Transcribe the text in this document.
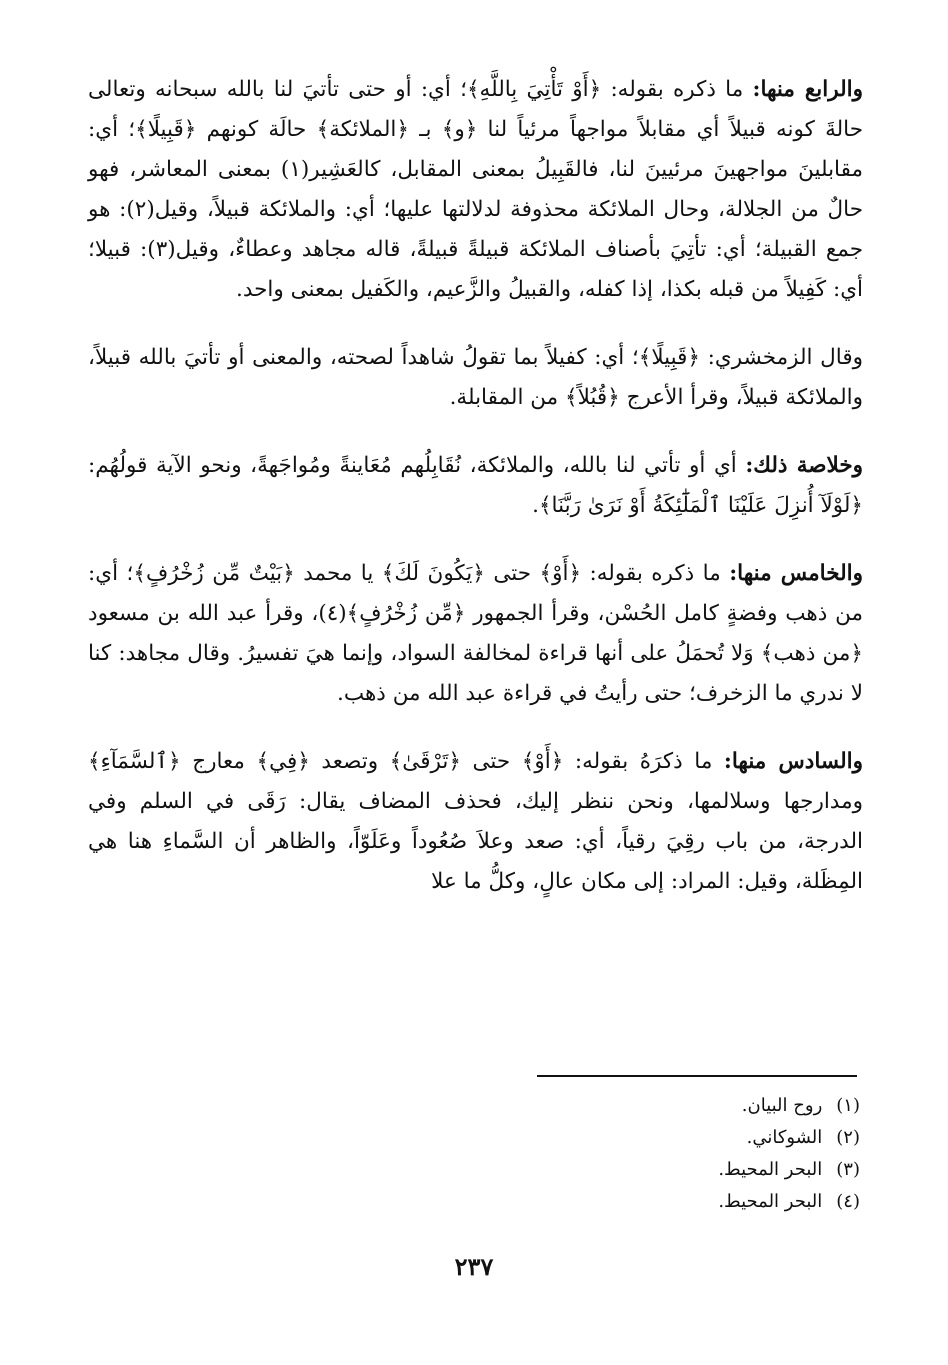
والرابع منها: ما ذكره بقوله: ﴿أَوْ تَأْتِيَ بِاللَّهِ﴾؛ أي: أو حتى تأتيَ لنا بالله سبحانه وتعالى حالةَ كونه قبيلاً أي مقابلاً مواجهاً مرئياً لنا ﴿و﴾ بـ ﴿الملائكة﴾ حالَة كونهم ﴿قَبِيلًا﴾؛ أي: مقابلينَ مواجهينَ مرئيينَ لنا، فالقَبِيلُ بمعنى المقابل، كالعَشِير(١) بمعنى المعاشر، فهو حالٌ من الجلالة، وحال الملائكة محذوفة لدلالتها عليها؛ أي: والملائكة قبيلاً، وقيل(٢): هو جمع القبيلة؛ أي: تأتِيَ بأصناف الملائكة قبيلةً قبيلةً، قاله مجاهد وعطاءٌ، وقيل(٣): قبيلا؛ أي: كَفِيلاً من قبله بكذا، إذا كفله، والقبيلُ والزَّعيم، والكَفيل بمعنى واحد.

وقال الزمخشري: ﴿قَبِيلًا﴾؛ أي: كفيلاً بما تقولُ شاهداً لصحته، والمعنى أو تأتيَ بالله قبيلاً، والملائكة قبيلاً، وقرأ الأعرج ﴿قُبُلاً﴾ من المقابلة.

وخلاصة ذلك: أي أو تأتي لنا بالله، والملائكة، نُقَابِلُهم مُعَاينةً ومُواجَهةً، ونحو الآية قولُهُم: ﴿لَوْلَآ أُنزِلَ عَلَيْنَا ٱلْمَلَٰٓئِكَةُ أَوْ نَرَىٰ رَبَّنَا﴾.

والخامس منها: ما ذكره بقوله: ﴿أَوْ﴾ حتى ﴿يَكُونَ لَكَ﴾ يا محمد ﴿بَيْتٌ مِّن زُخْرُفٍ﴾؛ أي: من ذهب وفضةٍ كامل الحُسْن، وقرأ الجمهور ﴿مِّن زُخْرُفٍ﴾(٤)، وقرأ عبد الله بن مسعود ﴿من ذهب﴾ وَلا تُحمَلُ على أنها قراءة لمخالفة السواد، وإنما هيَ تفسيرُ. وقال مجاهد: كنا لا ندري ما الزخرف؛ حتى رأيتُ في قراءة عبد الله من ذهب.

والسادس منها: ما ذكرَهُ بقوله: ﴿أَوْ﴾ حتى ﴿تَرْقَىٰ﴾ وتصعد ﴿فِي﴾ معارج ﴿ٱلسَّمَآءِ﴾ ومدارجها وسلالمها، ونحن ننظر إليك، فحذف المضاف يقال: رَقَى في السلم وفي الدرجة، من باب رقِيَ رقياً، أي: صعد وعلاَ صُعُوداً وعَلَوّاً، والظاهر أن السَّماءِ هنا هي المِظَلة، وقيل: المراد: إلى مكان عالٍ، وكلُّ ما علا

(١)روح البيان.
(٢)الشوكاني.
(٣)البحر المحيط.
(٤)البحر المحيط.
٢٣٧
